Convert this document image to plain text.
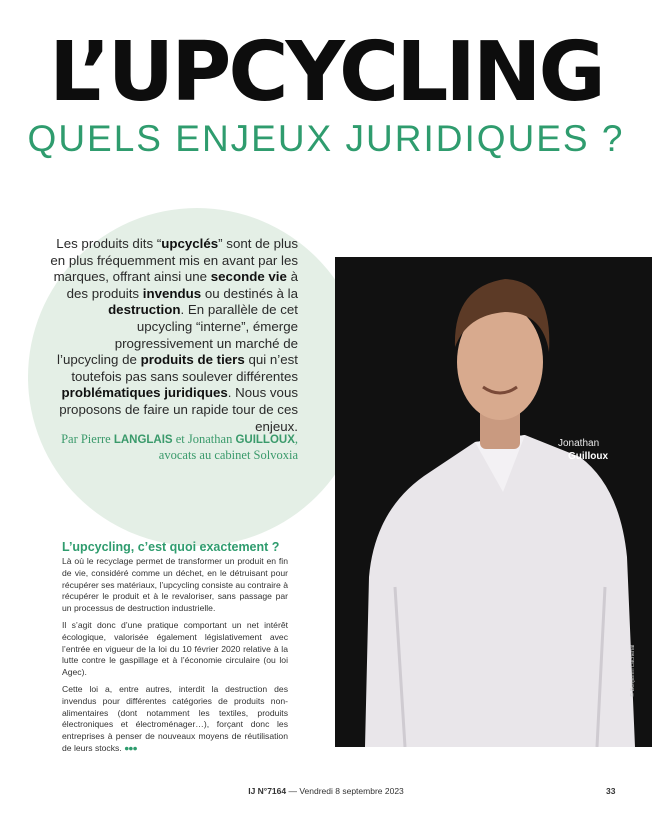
L’UPCYCLING
QUELS ENJEUX JURIDIQUES ?
Les produits dits “upcyclés” sont de plus en plus fréquemment mis en avant par les marques, offrant ainsi une seconde vie à des produits invendus ou destinés à la destruction. En parallèle de cet upcycling “interne”, émerge progressivement un marché de l’upcycling de produits de tiers qui n’est toutefois pas sans soulever différentes problématiques juridiques. Nous vous proposons de faire un rapide tour de ces enjeux.
Par Pierre LANGLAIS et Jonathan GUILLOUX,
avocats au cabinet Solvoxia
Jonathan
Guilloux
© Benjamin Lachenal
L’upcycling, c’est quoi exactement ?

Là où le recyclage permet de transformer un produit en fin de vie, considéré comme un déchet, en le détruisant pour récupérer ses matériaux, l’upcycling consiste au contraire à récupérer le produit et à le revaloriser, sans passage par un processus de destruction industrielle.

Il s’agit donc d’une pratique comportant un net intérêt écologique, valorisée également législativement avec l’entrée en vigueur de la loi du 10 février 2020 relative à la lutte contre le gaspillage et à l’économie circulaire (ou loi Agec).

Cette loi a, entre autres, interdit la destruction des invendus pour différentes catégories de produits non-alimentaires (dont notamment les textiles, produits électroniques et électroménager…), forçant donc les entreprises à penser de nouveaux moyens de réutilisation de leurs stocks. ●●●

IJ N°7164 — Vendredi 8 septembre 2023	33
